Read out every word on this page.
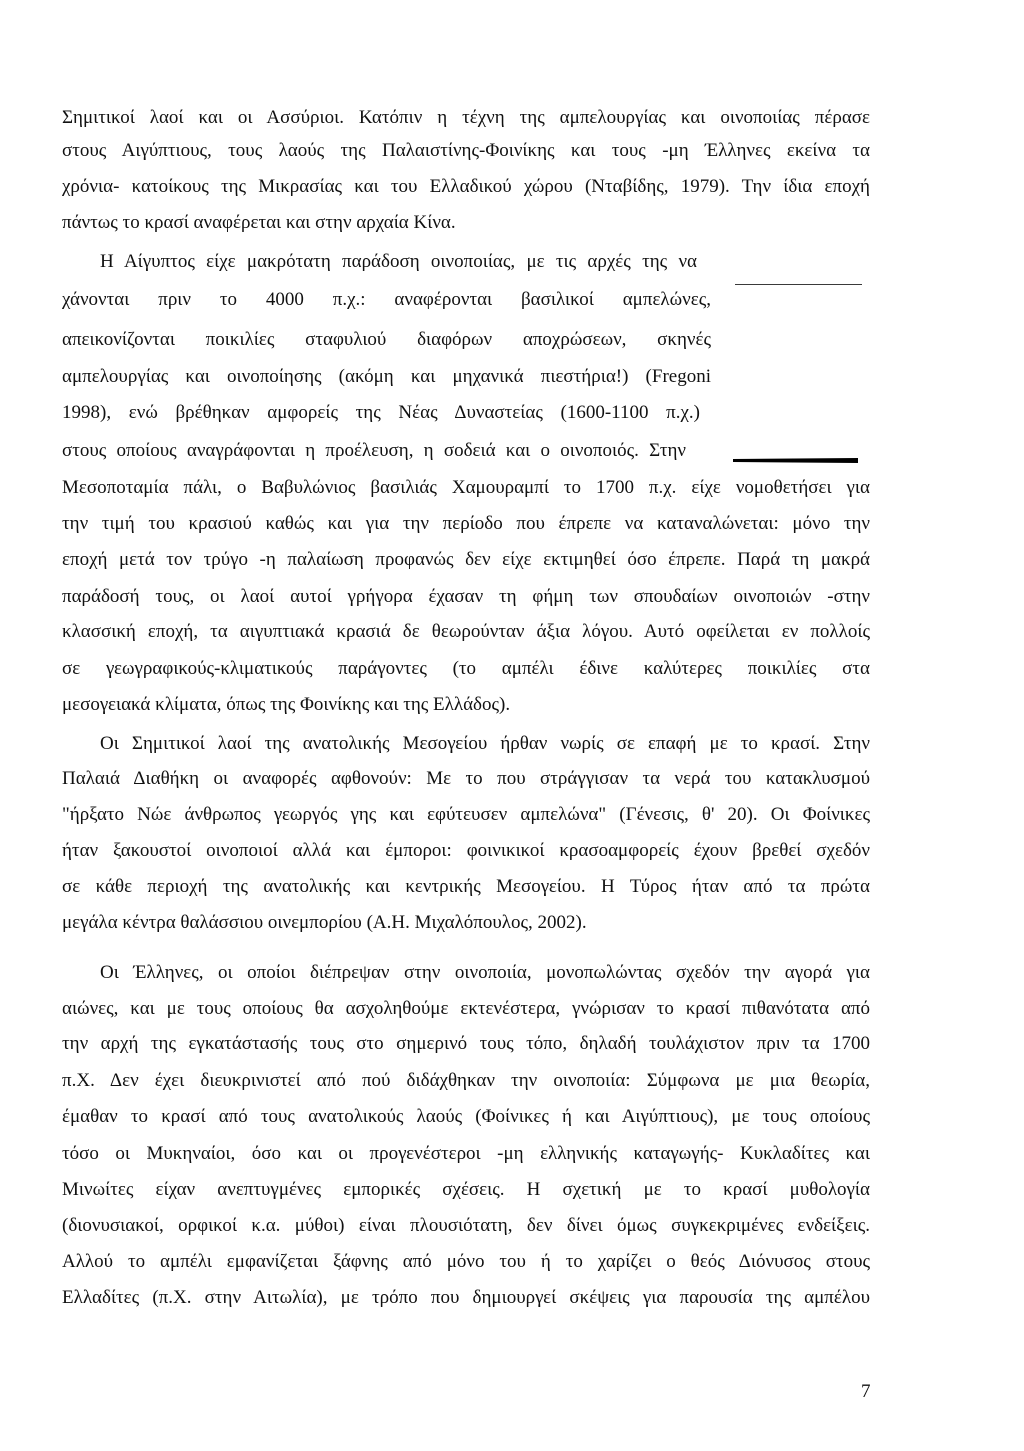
Σημιτικοί λαοί και οι Ασσύριοι. Κατόπιν η τέχνη της αμπελουργίας και οινοποιίας πέρασε
στους Αιγύπτιους, τους λαούς της Παλαιστίνης-Φοινίκης και τους -μη Έλληνες εκείνα τα
χρόνια- κατοίκους της Μικρασίας και του Ελλαδικού χώρου (Νταβίδης, 1979). Την ίδια εποχή
πάντως το κρασί αναφέρεται και στην αρχαία Κίνα.
Η Αίγυπτος είχε μακρότατη παράδοση οινοποιίας, με τις αρχές της να
χάνονται πριν το 4000 π.χ.: αναφέρονται βασιλικοί αμπελώνες,
απεικονίζονται ποικιλίες σταφυλιού διαφόρων αποχρώσεων, σκηνές
αμπελουργίας και οινοποίησης (ακόμη και μηχανικά πιεστήρια!) (Fregoni
1998), ενώ βρέθηκαν αμφορείς της Νέας Δυναστείας (1600-1100 π.χ.)
στους οποίους αναγράφονται η προέλευση, η σοδειά και ο οινοποιός. Στην
Μεσοποταμία πάλι, ο Βαβυλώνιος βασιλιάς Χαμουραμπί το 1700 π.χ. είχε νομοθετήσει για
την τιμή του κρασιού καθώς και για την περίοδο που έπρεπε να καταναλώνεται: μόνο την
εποχή μετά τον τρύγο -η παλαίωση προφανώς δεν είχε εκτιμηθεί όσο έπρεπε. Παρά τη μακρά
παράδοσή τους, οι λαοί αυτοί γρήγορα έχασαν τη φήμη των σπουδαίων οινοποιών -στην
κλασσική εποχή, τα αιγυπτιακά κρασιά δε θεωρούνταν άξια λόγου. Αυτό οφείλεται εν πολλοίς
σε γεωγραφικούς-κλιματικούς παράγοντες (το αμπέλι έδινε καλύτερες ποικιλίες στα
μεσογειακά κλίματα, όπως της Φοινίκης και της Ελλάδος).
Οι Σημιτικοί λαοί της ανατολικής Μεσογείου ήρθαν νωρίς σε επαφή με το κρασί. Στην
Παλαιά Διαθήκη οι αναφορές αφθονούν: Με το που στράγγισαν τα νερά του κατακλυσμού
"ήρξατο Νώε άνθρωπος γεωργός γης και εφύτευσεν αμπελώνα" (Γένεσις, θ' 20). Οι Φοίνικες
ήταν ξακουστοί οινοποιοί αλλά και έμποροι: φοινικικοί κρασοαμφορείς έχουν βρεθεί σχεδόν
σε κάθε περιοχή της ανατολικής και κεντρικής Μεσογείου. Η Τύρος ήταν από τα πρώτα
μεγάλα κέντρα θαλάσσιου οινεμπορίου (Α.Η. Μιχαλόπουλος, 2002).
Οι Έλληνες, οι οποίοι διέπρεψαν στην οινοποιία, μονοπωλώντας σχεδόν την αγορά για
αιώνες, και με τους οποίους θα ασχοληθούμε εκτενέστερα, γνώρισαν το κρασί πιθανότατα από
την αρχή της εγκατάστασής τους στο σημερινό τους τόπο, δηλαδή τουλάχιστον πριν τα 1700
π.Χ. Δεν έχει διευκρινιστεί από πού διδάχθηκαν την οινοποιία: Σύμφωνα με μια θεωρία,
έμαθαν το κρασί από τους ανατολικούς λαούς (Φοίνικες ή και Αιγύπτιους), με τους οποίους
τόσο οι Μυκηναίοι, όσο και οι προγενέστεροι -μη ελληνικής καταγωγής- Κυκλαδίτες και
Μινωίτες είχαν ανεπτυγμένες εμπορικές σχέσεις. Η σχετική με το κρασί μυθολογία
(διονυσιακοί, ορφικοί κ.α. μύθοι) είναι πλουσιότατη, δεν δίνει όμως συγκεκριμένες ενδείξεις.
Αλλού το αμπέλι εμφανίζεται ξάφνης από μόνο του ή το χαρίζει ο θεός Διόνυσος στους
Ελλαδίτες (π.Χ. στην Αιτωλία), με τρόπο που δημιουργεί σκέψεις για παρουσία της αμπέλου
7
